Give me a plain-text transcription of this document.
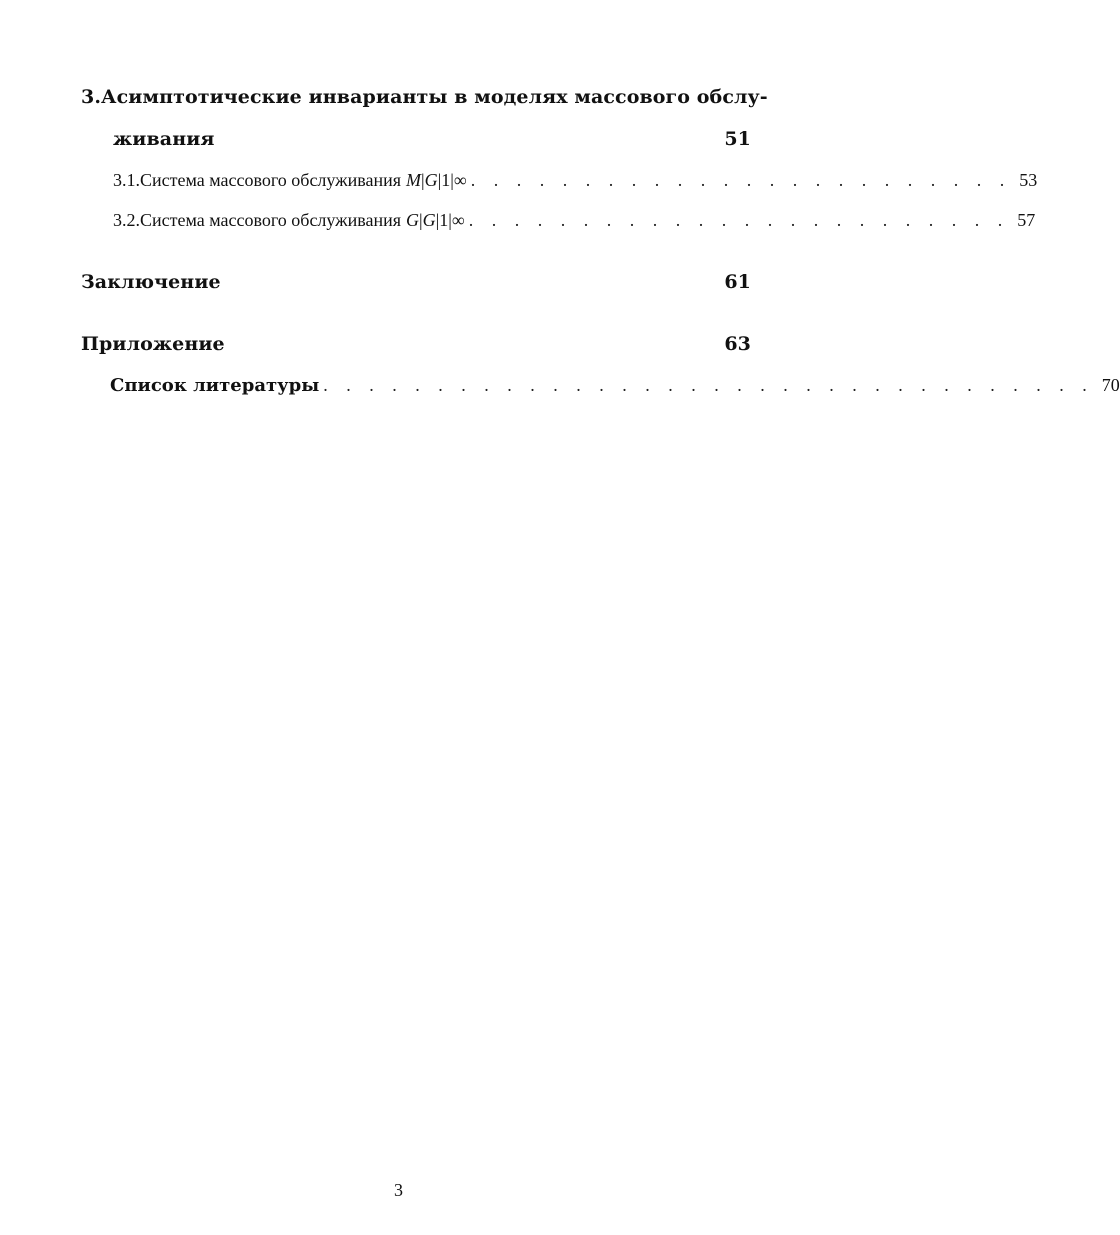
3. Асимптотические инварианты в моделях массового обслу-
живания	51
3.1. Система массового обслуживания M|G|1|∞ . . . . . . . . . . . . . . . . . . . . . . . . 53
3.2. Система массового обслуживания G|G|1|∞ . . . . . . . . . . . . . . . . . . . . . . . . 57
Заключение	61
Приложение	63
Список литературы . . . . . . . . . . . . . . . . . . . . . . . . . . . . . . . . . . 70
3
